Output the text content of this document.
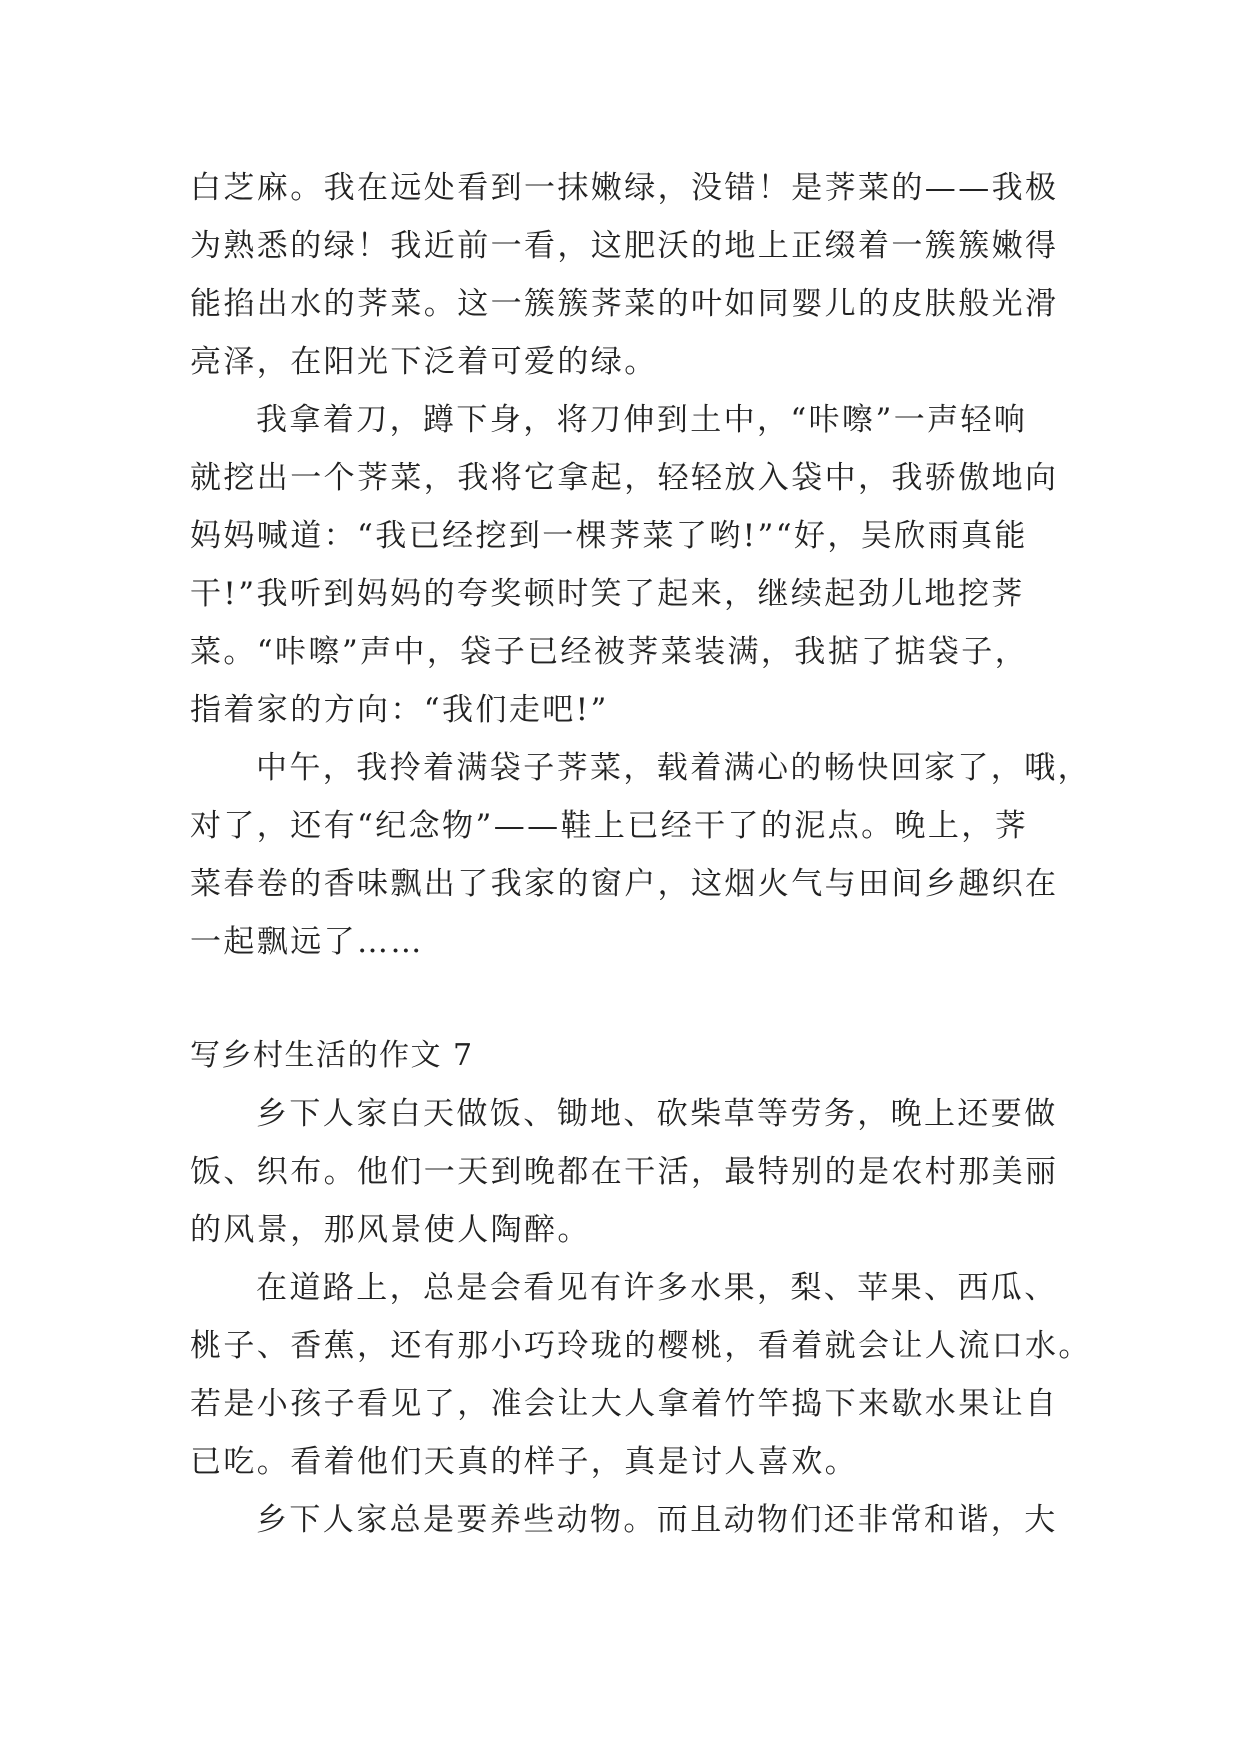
白芝麻。我在远处看到一抹嫩绿，没错！是荠菜的——我极
为熟悉的绿！我近前一看，这肥沃的地上正缀着一簇簇嫩得
能掐出水的荠菜。这一簇簇荠菜的叶如同婴儿的皮肤般光滑
亮泽，在阳光下泛着可爱的绿。
我拿着刀，蹲下身，将刀伸到土中，“咔嚓”一声轻响
就挖出一个荠菜，我将它拿起，轻轻放入袋中，我骄傲地向
妈妈喊道：“我已经挖到一棵荠菜了哟!”“好，吴欣雨真能
干!”我听到妈妈的夸奖顿时笑了起来，继续起劲儿地挖荠
菜。“咔嚓”声中，袋子已经被荠菜装满，我掂了掂袋子，
指着家的方向：“我们走吧!”
中午，我拎着满袋子荠菜，载着满心的畅快回家了，哦，
对了，还有“纪念物”——鞋上已经干了的泥点。晚上，荠
菜春卷的香味飘出了我家的窗户，这烟火气与田间乡趣织在
一起飘远了……
写乡村生活的作文 7
乡下人家白天做饭、锄地、砍柴草等劳务，晚上还要做
饭、织布。他们一天到晚都在干活，最特别的是农村那美丽
的风景，那风景使人陶醉。
在道路上，总是会看见有许多水果，梨、苹果、西瓜、
桃子、香蕉，还有那小巧玲珑的樱桃，看着就会让人流口水。
若是小孩子看见了，准会让大人拿着竹竿捣下来歇水果让自
已吃。看着他们天真的样子，真是讨人喜欢。
乡下人家总是要养些动物。而且动物们还非常和谐，大
